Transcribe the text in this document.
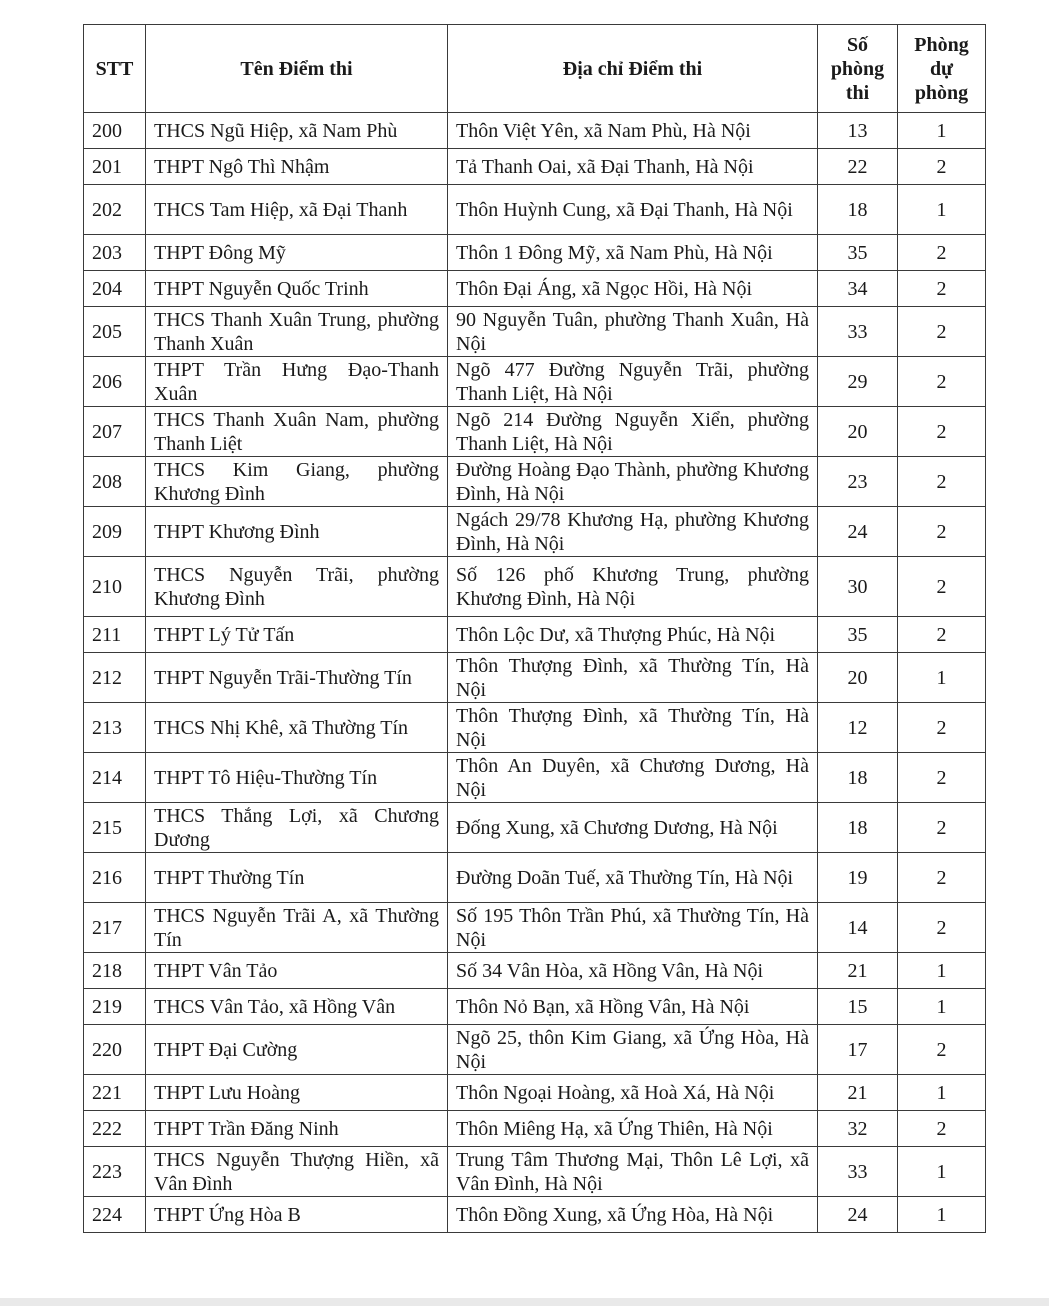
STT	Tên Điểm thi	Địa chỉ Điểm thi	Số phòng thi	Phòng dự phòng
200	THCS Ngũ Hiệp, xã Nam Phù	Thôn Việt Yên, xã Nam Phù, Hà Nội	13	1
201	THPT Ngô Thì Nhậm	Tả Thanh Oai, xã Đại Thanh, Hà Nội	22	2
202	THCS Tam Hiệp, xã Đại Thanh	Thôn Huỳnh Cung, xã Đại Thanh, Hà Nội	18	1
203	THPT Đông Mỹ	Thôn 1 Đông Mỹ, xã Nam Phù, Hà Nội	35	2
204	THPT Nguyễn Quốc Trinh	Thôn Đại Áng, xã Ngọc Hồi, Hà Nội	34	2
205	THCS Thanh Xuân Trung, phường Thanh Xuân	90 Nguyễn Tuân, phường Thanh Xuân, Hà Nội	33	2
206	THPT Trần Hưng Đạo-Thanh Xuân	Ngõ 477 Đường Nguyễn Trãi, phường Thanh Liệt, Hà Nội	29	2
207	THCS Thanh Xuân Nam, phường Thanh Liệt	Ngõ 214 Đường Nguyễn Xiển, phường Thanh Liệt, Hà Nội	20	2
208	THCS Kim Giang, phường Khương Đình	Đường Hoàng Đạo Thành, phường Khương Đình, Hà Nội	23	2
209	THPT Khương Đình	Ngách 29/78 Khương Hạ, phường Khương Đình, Hà Nội	24	2
210	THCS Nguyễn Trãi, phường Khương Đình	Số 126 phố Khương Trung, phường Khương Đình, Hà Nội	30	2
211	THPT Lý Tử Tấn	Thôn Lộc Dư, xã Thượng Phúc, Hà Nội	35	2
212	THPT Nguyễn Trãi-Thường Tín	Thôn Thượng Đình, xã Thường Tín, Hà Nội	20	1
213	THCS Nhị Khê, xã Thường Tín	Thôn Thượng Đình, xã Thường Tín, Hà Nội	12	2
214	THPT Tô Hiệu-Thường Tín	Thôn An Duyên, xã Chương Dương, Hà Nội	18	2
215	THCS Thắng Lợi, xã Chương Dương	Đống Xung, xã Chương Dương, Hà Nội	18	2
216	THPT Thường Tín	Đường Doãn Tuế, xã Thường Tín, Hà Nội	19	2
217	THCS Nguyễn Trãi A, xã Thường Tín	Số 195 Thôn Trần Phú, xã Thường Tín, Hà Nội	14	2
218	THPT Vân Tảo	Số 34 Vân Hòa, xã Hồng Vân, Hà Nội	21	1
219	THCS Vân Tảo, xã Hồng Vân	Thôn Nỏ Bạn, xã Hồng Vân, Hà Nội	15	1
220	THPT Đại Cường	Ngõ 25, thôn Kim Giang, xã Ứng Hòa, Hà Nội	17	2
221	THPT Lưu Hoàng	Thôn Ngoại Hoàng, xã Hoà Xá, Hà Nội	21	1
222	THPT Trần Đăng Ninh	Thôn Miêng Hạ, xã Ứng Thiên, Hà Nội	32	2
223	THCS Nguyễn Thượng Hiền, xã Vân Đình	Trung Tâm Thương Mại, Thôn Lê Lợi, xã Vân Đình, Hà Nội	33	1
224	THPT Ứng Hòa B	Thôn Đồng Xung, xã Ứng Hòa, Hà Nội	24	1
